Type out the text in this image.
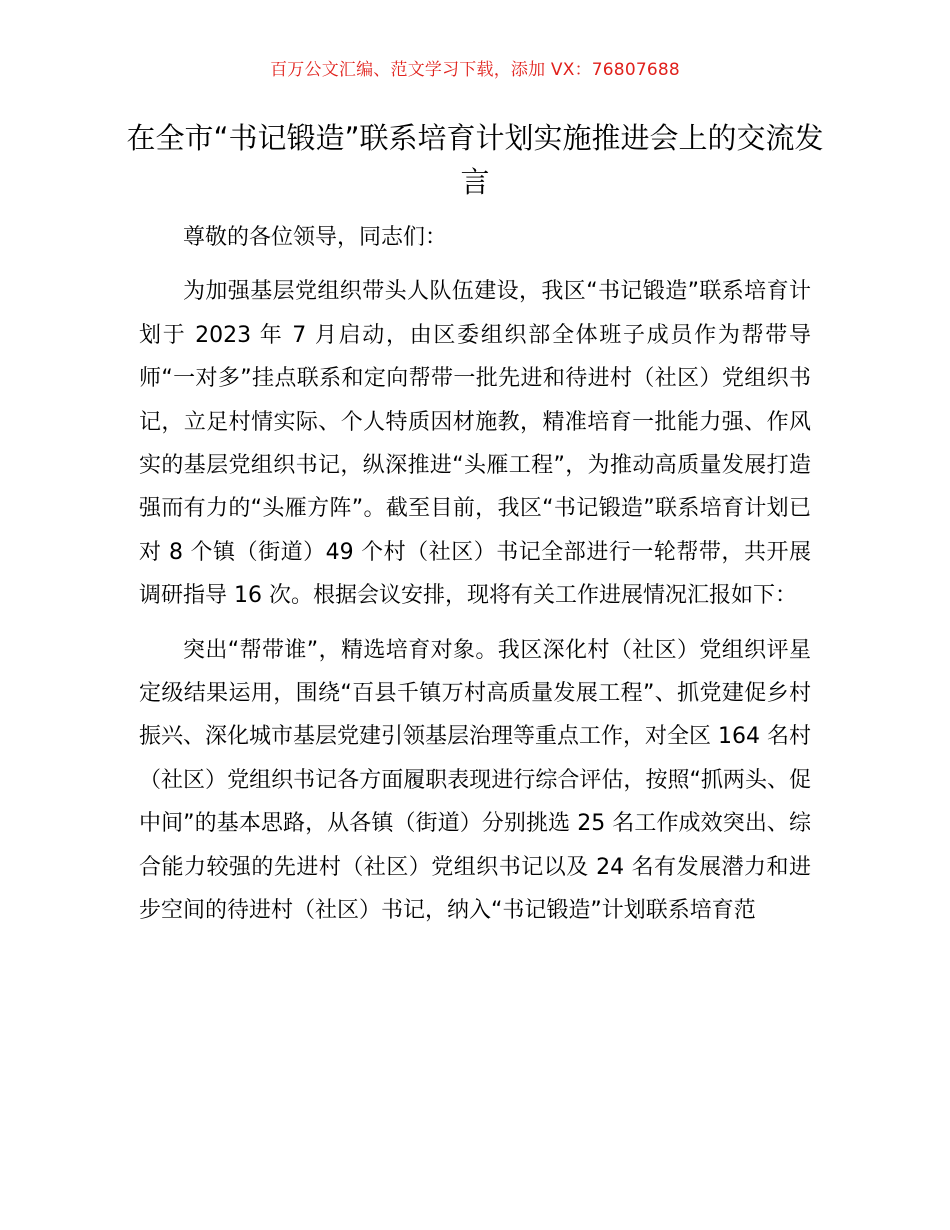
百万公文汇编、范文学习下载，添加 VX：76807688
在全市“书记锻造”联系培育计划实施推进会上的交流发言

尊敬的各位领导，同志们：

为加强基层党组织带头人队伍建设，我区“书记锻造”联系培育计划于 2023 年 7 月启动，由区委组织部全体班子成员作为帮带导师“一对多”挂点联系和定向帮带一批先进和待进村（社区）党组织书记，立足村情实际、个人特质因材施教，精准培育一批能力强、作风实的基层党组织书记，纵深推进“头雁工程”，为推动高质量发展打造强而有力的“头雁方阵”。截至目前，我区“书记锻造”联系培育计划已对 8 个镇（街道）49 个村（社区）书记全部进行一轮帮带，共开展调研指导 16 次。根据会议安排，现将有关工作进展情况汇报如下：

突出“帮带谁”，精选培育对象。我区深化村（社区）党组织评星定级结果运用，围绕“百县千镇万村高质量发展工程”、抓党建促乡村振兴、深化城市基层党建引领基层治理等重点工作，对全区 164 名村（社区）党组织书记各方面履职表现进行综合评估，按照“抓两头、促中间”的基本思路，从各镇（街道）分别挑选 25 名工作成效突出、综合能力较强的先进村（社区）党组织书记以及 24 名有发展潜力和进步空间的待进村（社区）书记，纳入“书记锻造”计划联系培育范
